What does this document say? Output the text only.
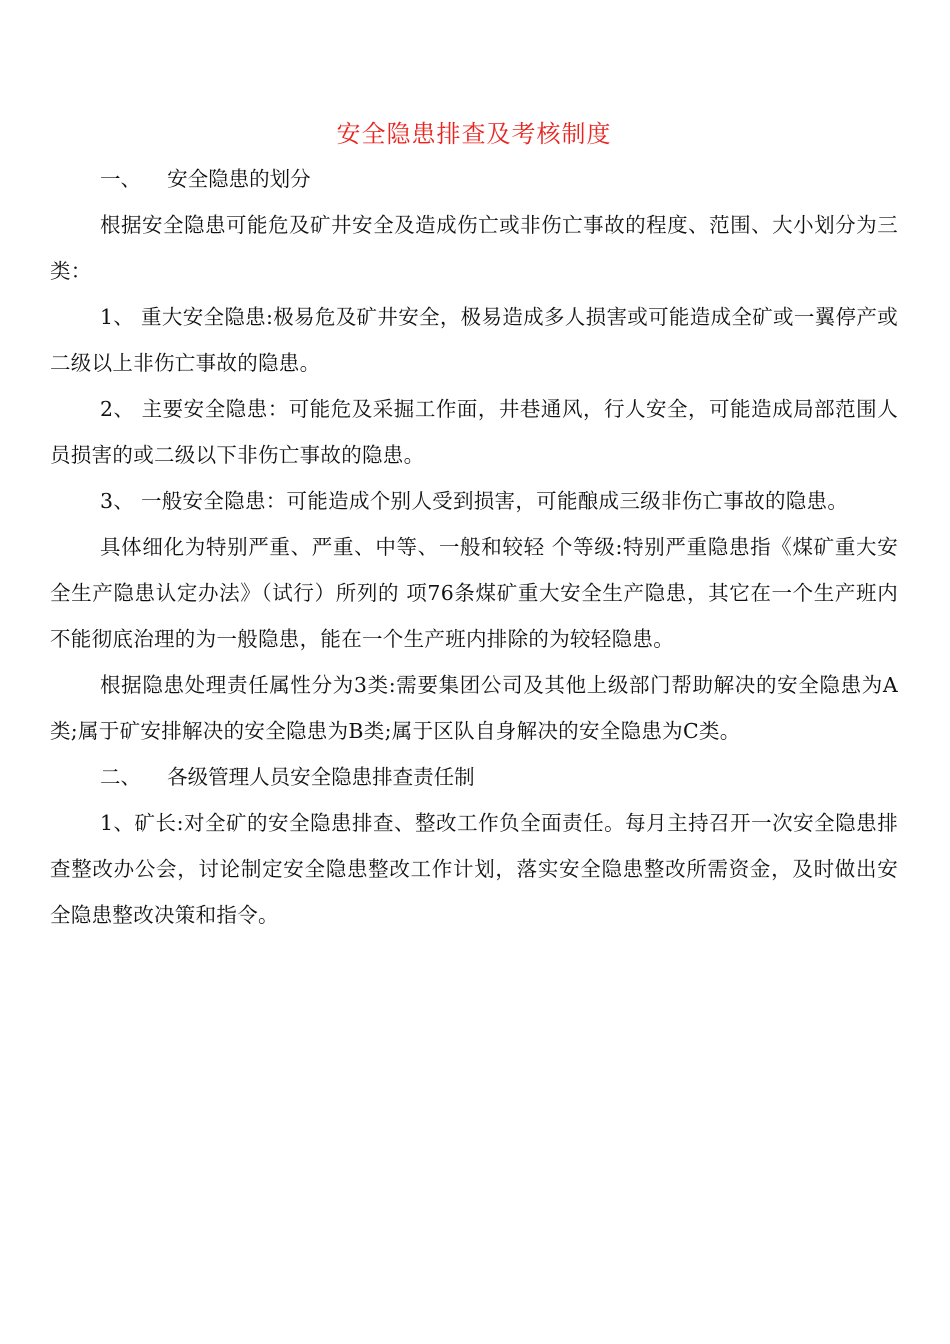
安全隐患排查及考核制度

一、    安全隐患的划分

根据安全隐患可能危及矿井安全及造成伤亡或非伤亡事故的程度、范围、大小划分为三类：

1、 重大安全隐患:极易危及矿井安全，极易造成多人损害或可能造成全矿或一翼停产或二级以上非伤亡事故的隐患。

2、 主要安全隐患：可能危及采掘工作面，井巷通风，行人安全，可能造成局部范围人员损害的或二级以下非伤亡事故的隐患。

3、 一般安全隐患：可能造成个别人受到损害，可能酿成三级非伤亡事故的隐患。

具体细化为特别严重、严重、中等、一般和较轻 个等级:特别严重隐患指《煤矿重大安全生产隐患认定办法》（试行）所列的 项76条煤矿重大安全生产隐患，其它在一个生产班内不能彻底治理的为一般隐患，能在一个生产班内排除的为较轻隐患。

根据隐患处理责任属性分为3类:需要集团公司及其他上级部门帮助解决的安全隐患为A类;属于矿安排解决的安全隐患为B类;属于区队自身解决的安全隐患为C类。

二、    各级管理人员安全隐患排查责任制

1、矿长:对全矿的安全隐患排查、整改工作负全面责任。每月主持召开一次安全隐患排查整改办公会，讨论制定安全隐患整改工作计划，落实安全隐患整改所需资金，及时做出安全隐患整改决策和指令。
